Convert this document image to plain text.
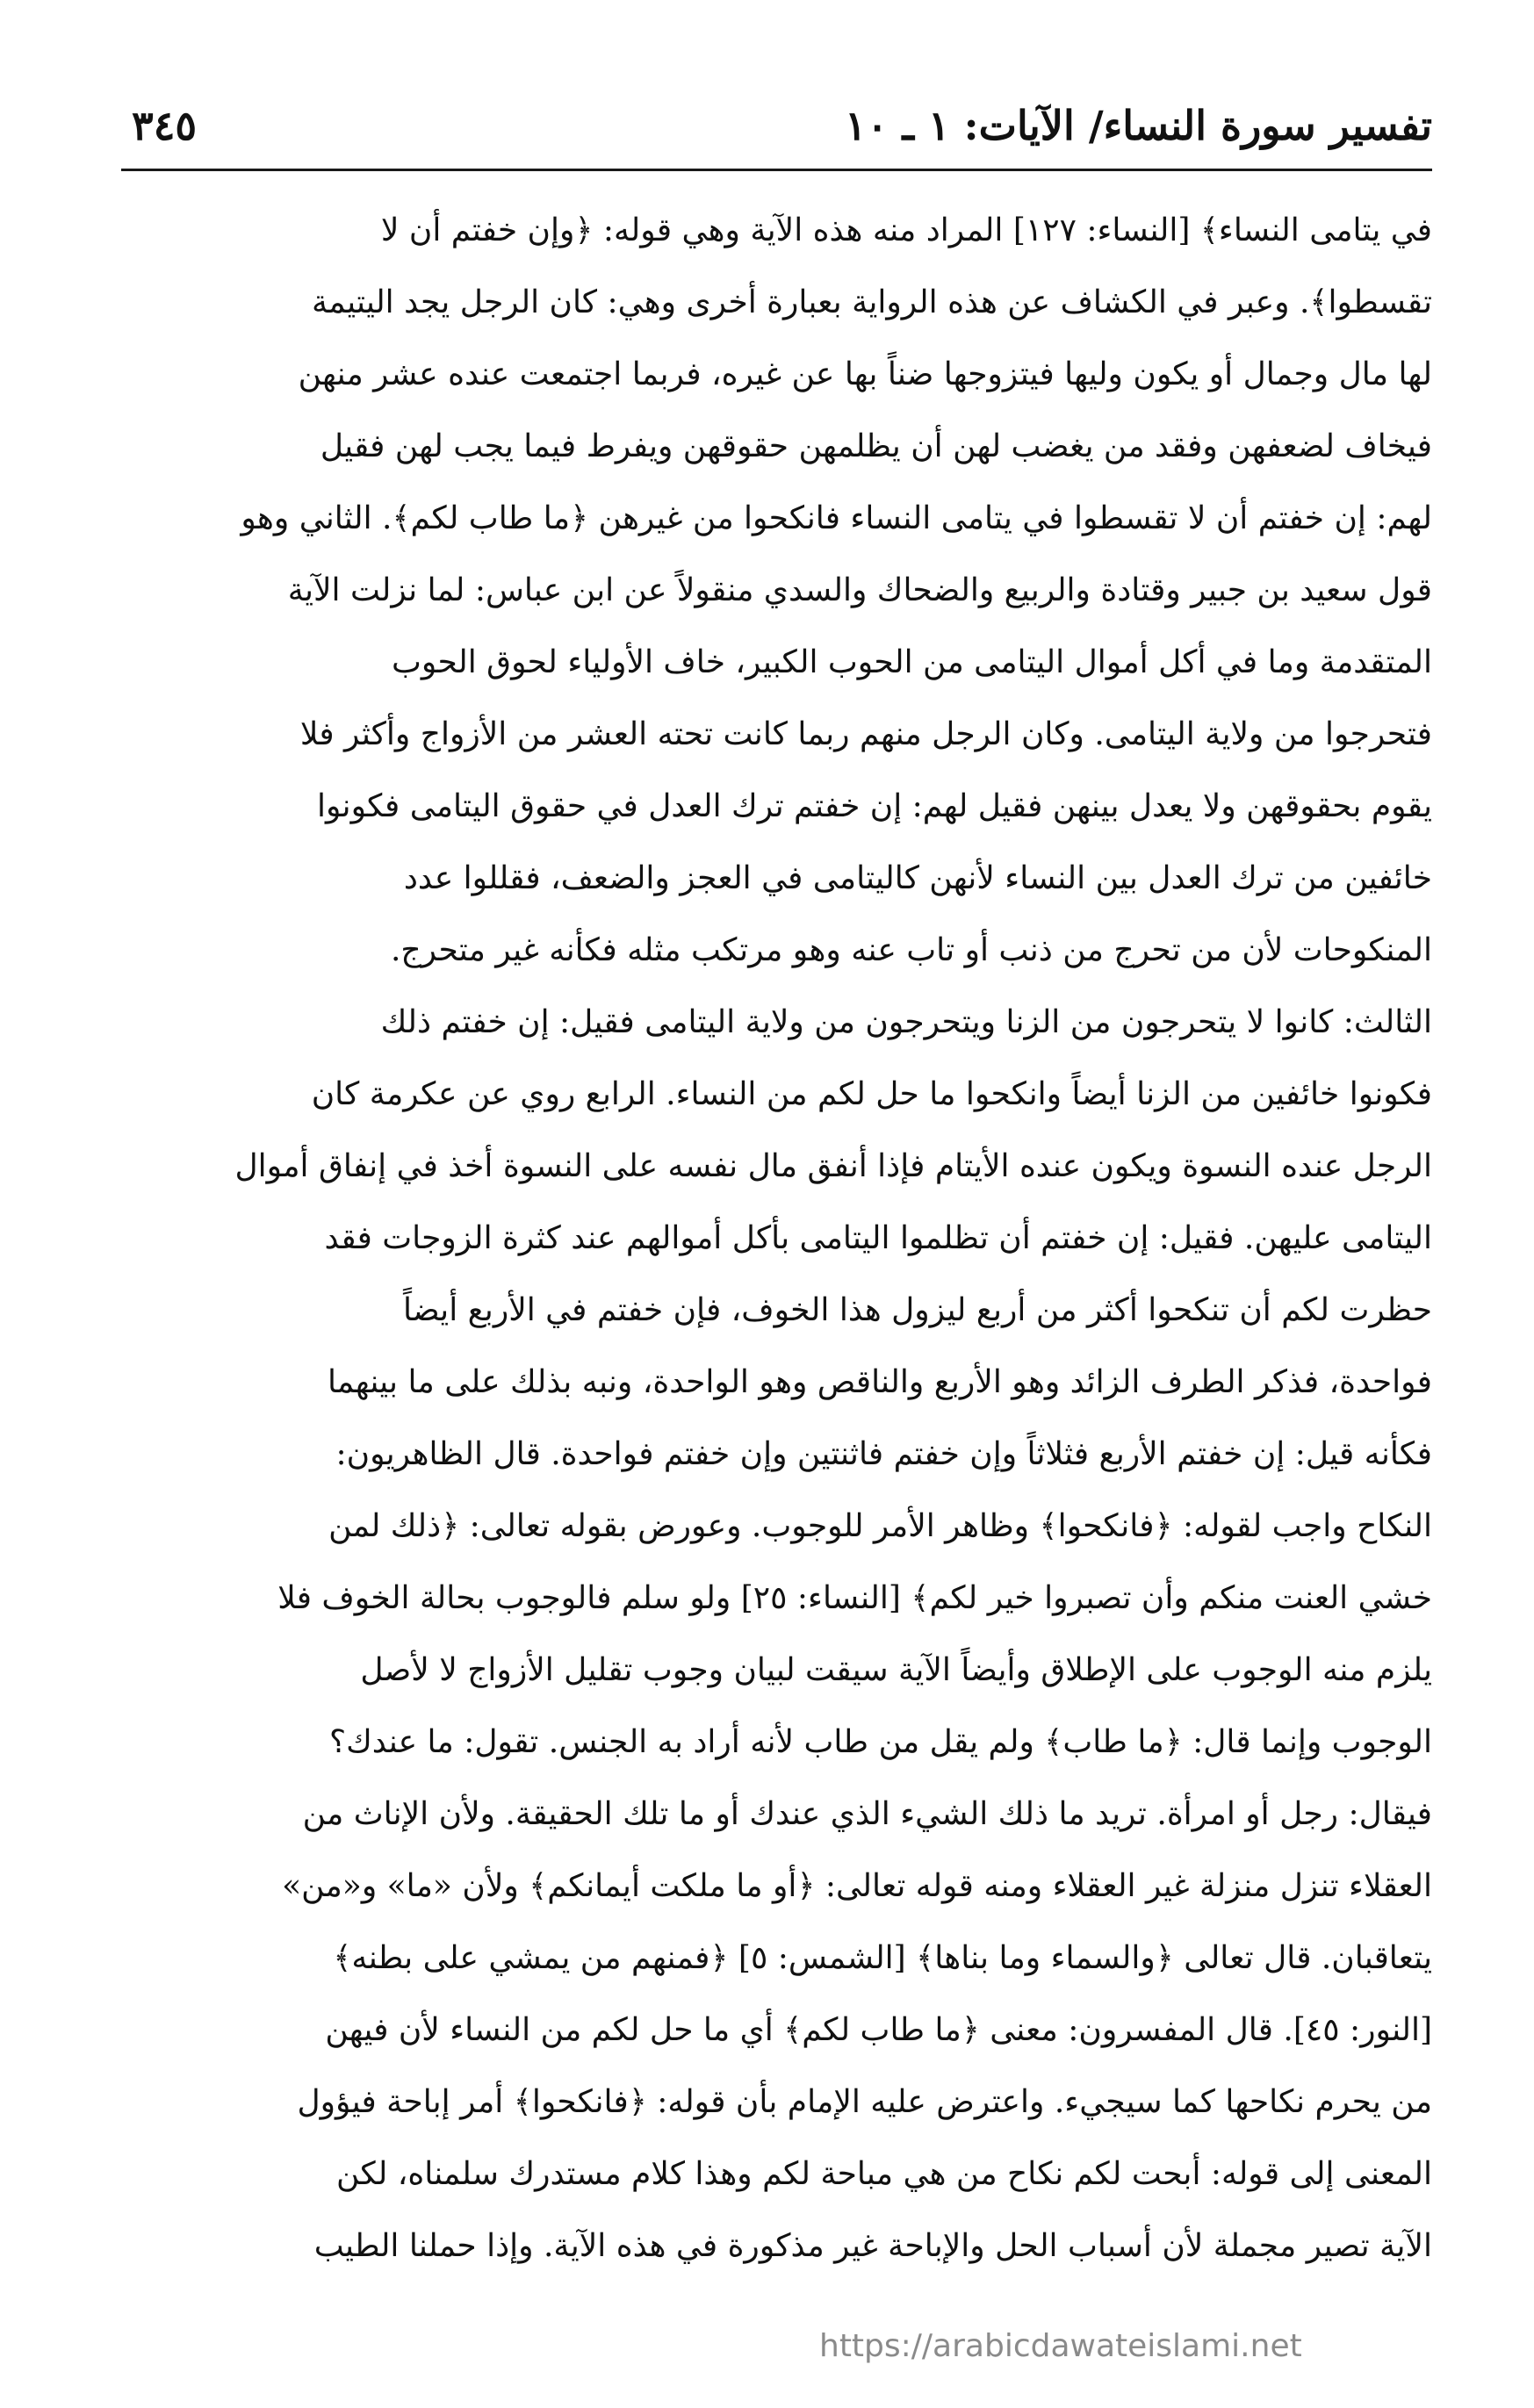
تفسير سورة النساء/ الآيات: ١ ـ ١٠
٣٤٥
في يتامى النساء﴾ [النساء: ١٢٧] المراد منه هذه الآية وهي قوله: ﴿وإن خفتم أن لا
تقسطوا﴾. وعبر في الكشاف عن هذه الرواية بعبارة أخرى وهي: كان الرجل يجد اليتيمة
لها مال وجمال أو يكون وليها فيتزوجها ضناً بها عن غيره، فربما اجتمعت عنده عشر منهن
فيخاف لضعفهن وفقد من يغضب لهن أن يظلمهن حقوقهن ويفرط فيما يجب لهن فقيل
لهم: إن خفتم أن لا تقسطوا في يتامى النساء فانكحوا من غيرهن ﴿ما طاب لكم﴾. الثاني وهو
قول سعيد بن جبير وقتادة والربيع والضحاك والسدي منقولاً عن ابن عباس: لما نزلت الآية
المتقدمة وما في أكل أموال اليتامى من الحوب الكبير، خاف الأولياء لحوق الحوب
فتحرجوا من ولاية اليتامى. وكان الرجل منهم ربما كانت تحته العشر من الأزواج وأكثر فلا
يقوم بحقوقهن ولا يعدل بينهن فقيل لهم: إن خفتم ترك العدل في حقوق اليتامى فكونوا
خائفين من ترك العدل بين النساء لأنهن كاليتامى في العجز والضعف، فقللوا عدد
المنكوحات لأن من تحرج من ذنب أو تاب عنه وهو مرتكب مثله فكأنه غير متحرج.
الثالث: كانوا لا يتحرجون من الزنا ويتحرجون من ولاية اليتامى فقيل: إن خفتم ذلك
فكونوا خائفين من الزنا أيضاً وانكحوا ما حل لكم من النساء. الرابع روي عن عكرمة كان
الرجل عنده النسوة ويكون عنده الأيتام فإذا أنفق مال نفسه على النسوة أخذ في إنفاق أموال
اليتامى عليهن. فقيل: إن خفتم أن تظلموا اليتامى بأكل أموالهم عند كثرة الزوجات فقد
حظرت لكم أن تنكحوا أكثر من أربع ليزول هذا الخوف، فإن خفتم في الأربع أيضاً
فواحدة، فذكر الطرف الزائد وهو الأربع والناقص وهو الواحدة، ونبه بذلك على ما بينهما
فكأنه قيل: إن خفتم الأربع فثلاثاً وإن خفتم فاثنتين وإن خفتم فواحدة. قال الظاهريون:
النكاح واجب لقوله: ﴿فانكحوا﴾ وظاهر الأمر للوجوب. وعورض بقوله تعالى: ﴿ذلك لمن
خشي العنت منكم وأن تصبروا خير لكم﴾ [النساء: ٢٥] ولو سلم فالوجوب بحالة الخوف فلا
يلزم منه الوجوب على الإطلاق وأيضاً الآية سيقت لبيان وجوب تقليل الأزواج لا لأصل
الوجوب وإنما قال: ﴿ما طاب﴾ ولم يقل من طاب لأنه أراد به الجنس. تقول: ما عندك؟
فيقال: رجل أو امرأة. تريد ما ذلك الشيء الذي عندك أو ما تلك الحقيقة. ولأن الإناث من
العقلاء تنزل منزلة غير العقلاء ومنه قوله تعالى: ﴿أو ما ملكت أيمانكم﴾ ولأن «ما» و«من»
يتعاقبان. قال تعالى ﴿والسماء وما بناها﴾ [الشمس: ٥] ﴿فمنهم من يمشي على بطنه﴾
[النور: ٤٥]. قال المفسرون: معنى ﴿ما طاب لكم﴾ أي ما حل لكم من النساء لأن فيهن
من يحرم نكاحها كما سيجيء. واعترض عليه الإمام بأن قوله: ﴿فانكحوا﴾ أمر إباحة فيؤول
المعنى إلى قوله: أبحت لكم نكاح من هي مباحة لكم وهذا كلام مستدرك سلمناه، لكن
الآية تصير مجملة لأن أسباب الحل والإباحة غير مذكورة في هذه الآية. وإذا حملنا الطيب
https://arabicdawateislami.net
